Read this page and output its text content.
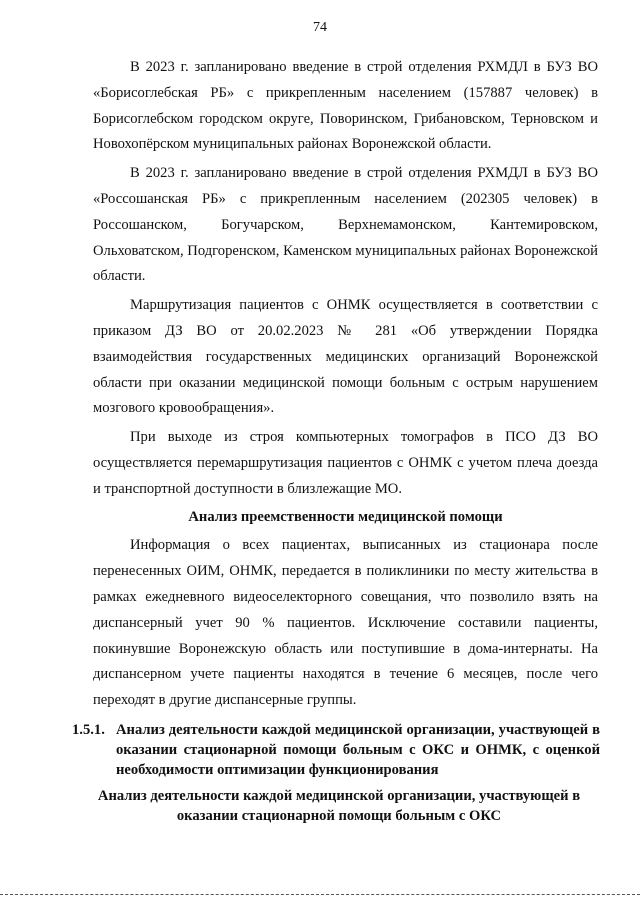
74

В 2023 г. запланировано введение в строй отделения РХМДЛ в БУЗ ВО «Борисоглебская РБ» с прикрепленным населением (157887 человек) в Борисоглебском городском округе, Поворинском, Грибановском, Терновском и Новохопёрском муниципальных районах Воронежской области.

В 2023 г. запланировано введение в строй отделения РХМДЛ в БУЗ ВО «Россошанская РБ» с прикрепленным населением (202305 человек) в Россошанском, Богучарском, Верхнемамонском, Кантемировском, Ольховатском, Подгоренском, Каменском муниципальных районах Воронежской области.

Маршрутизация пациентов с ОНМК осуществляется в соответствии с приказом ДЗ ВО от 20.02.2023 № 281 «Об утверждении Порядка взаимодействия государственных медицинских организаций Воронежской области при оказании медицинской помощи больным с острым нарушением мозгового кровообращения».

При выходе из строя компьютерных томографов в ПСО ДЗ ВО осуществляется перемаршрутизация пациентов с ОНМК с учетом плеча доезда и транспортной доступности в близлежащие МО.

Анализ преемственности медицинской помощи

Информация о всех пациентах, выписанных из стационара после перенесенных ОИМ, ОНМК, передается в поликлиники по месту жительства в рамках ежедневного видеоселекторного совещания, что позволило взять на диспансерный учет 90 % пациентов. Исключение составили пациенты, покинувшие Воронежскую область или поступившие в дома-интернаты. На диспансерном учете пациенты находятся в течение 6 месяцев, после чего переходят в другие диспансерные группы.

1.5.1. Анализ деятельности каждой медицинской организации, участвующей в оказании стационарной помощи больным с ОКС и ОНМК, с оценкой необходимости оптимизации функционирования
Анализ деятельности каждой медицинской организации, участвующей в оказании стационарной помощи больным с ОКС
